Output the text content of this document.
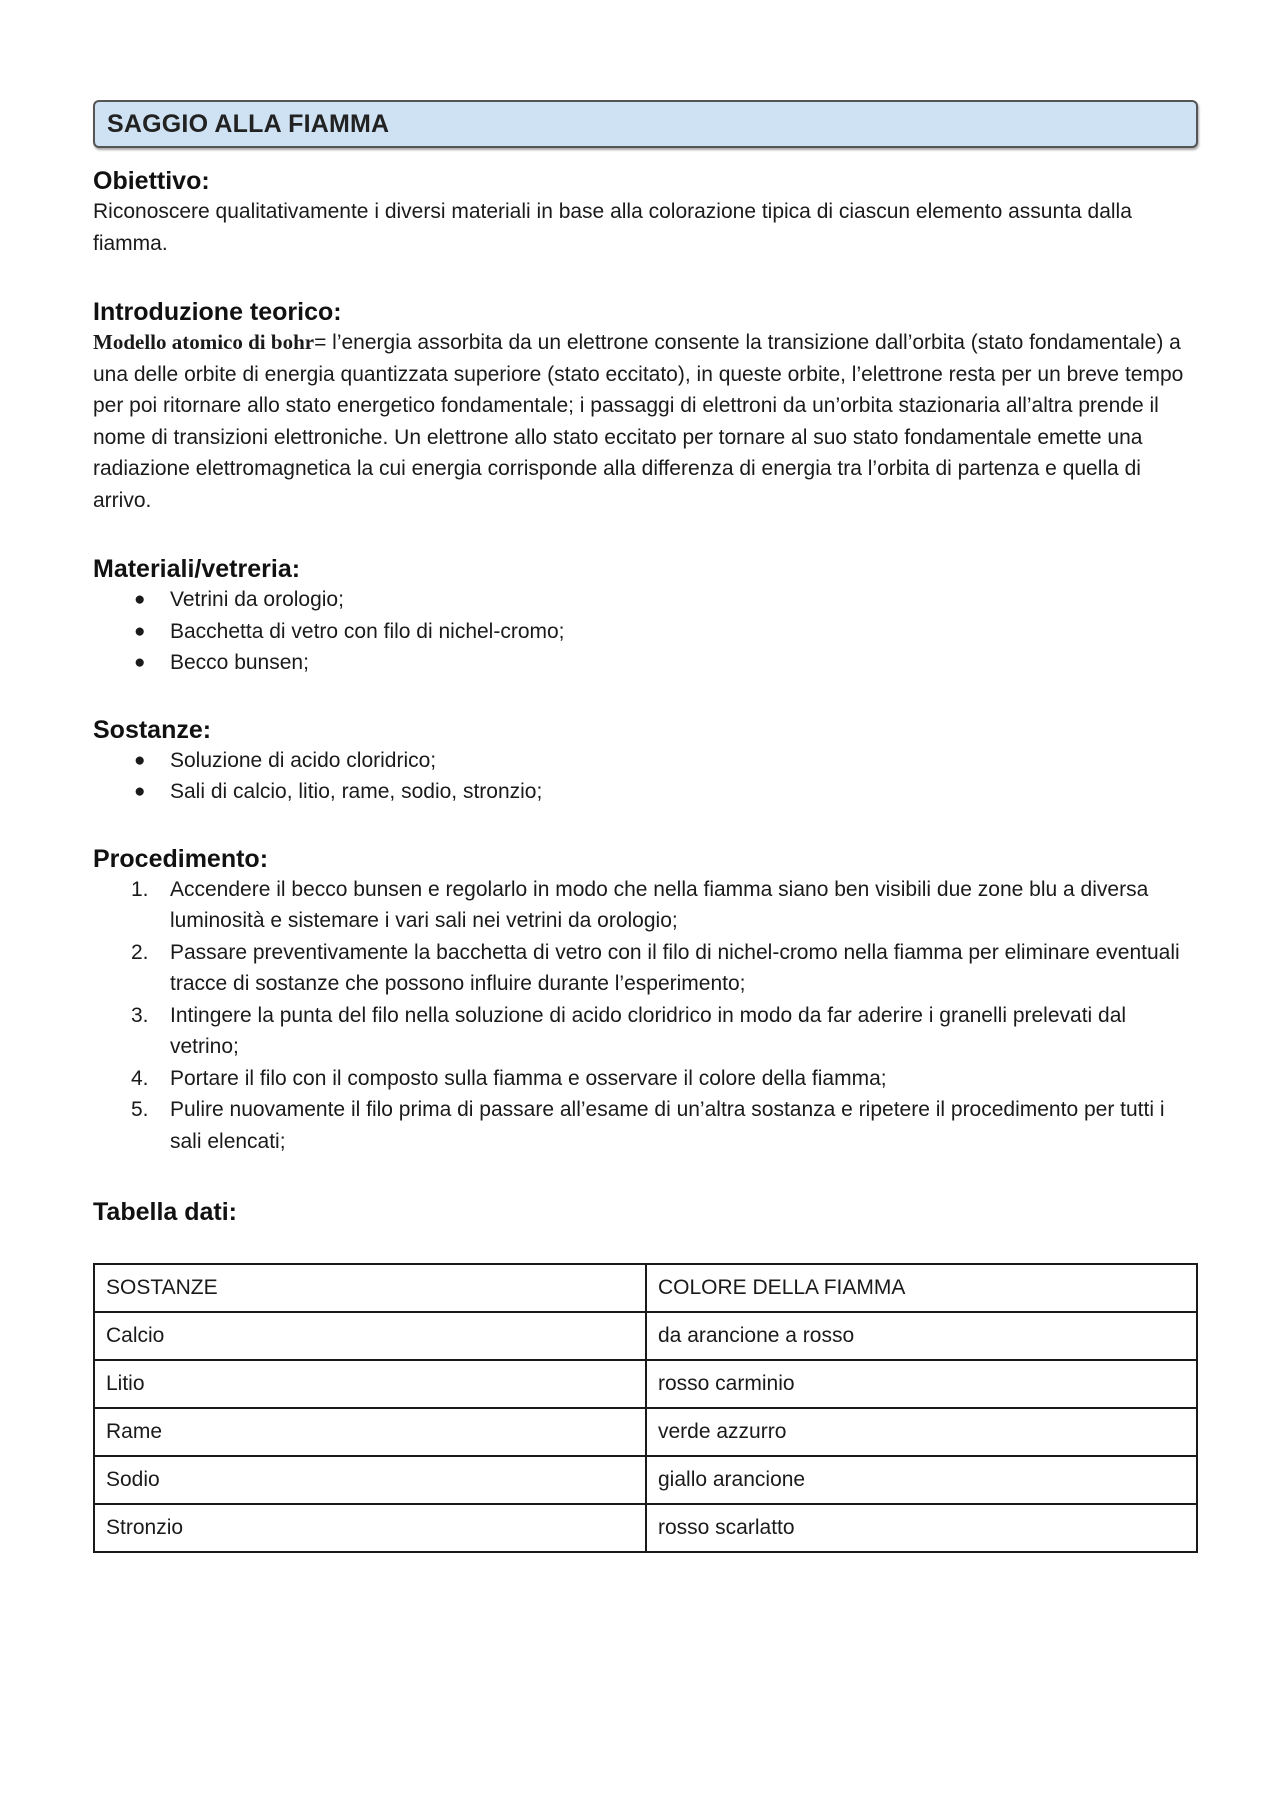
SAGGIO ALLA FIAMMA
Obiettivo:

Riconoscere qualitativamente i diversi materiali in base alla colorazione tipica di ciascun elemento assunta dalla fiamma.

Introduzione teorico:

Modello atomico di bohr= l’energia assorbita da un elettrone consente la transizione dall’orbita (stato fondamentale) a una delle orbite di energia quantizzata superiore (stato eccitato), in queste orbite, l’elettrone resta per un breve tempo per poi ritornare allo stato energetico fondamentale; i passaggi di elettroni da un’orbita stazionaria all’altra prende il nome di transizioni elettroniche. Un elettrone allo stato eccitato per tornare al suo stato fondamentale emette una radiazione elettromagnetica la cui energia corrisponde alla differenza di energia tra l’orbita di partenza e quella di arrivo.

Materiali/vetreria:
● Vetrini da orologio;
● Bacchetta di vetro con filo di nichel-cromo;
● Becco bunsen;
Sostanze:
● Soluzione di acido cloridrico;
● Sali di calcio, litio, rame, sodio, stronzio;
Procedimento:
1. Accendere il becco bunsen e regolarlo in modo che nella fiamma siano ben visibili due zone blu a diversa luminosità e sistemare i vari sali nei vetrini da orologio;
2. Passare preventivamente la bacchetta di vetro con il filo di nichel-cromo nella fiamma per eliminare eventuali tracce di sostanze che possono influire durante l’esperimento;
3. Intingere la punta del filo nella soluzione di acido cloridrico in modo da far aderire i granelli prelevati dal vetrino;
4. Portare il filo con il composto sulla fiamma e osservare il colore della fiamma;
5. Pulire nuovamente il filo prima di passare all’esame di un’altra sostanza e ripetere il procedimento per tutti i sali elencati;
Tabella dati:
SOSTANZE	COLORE DELLA FIAMMA
Calcio	da arancione a rosso
Litio	rosso carminio
Rame	verde azzurro
Sodio	giallo arancione
Stronzio	rosso scarlatto
